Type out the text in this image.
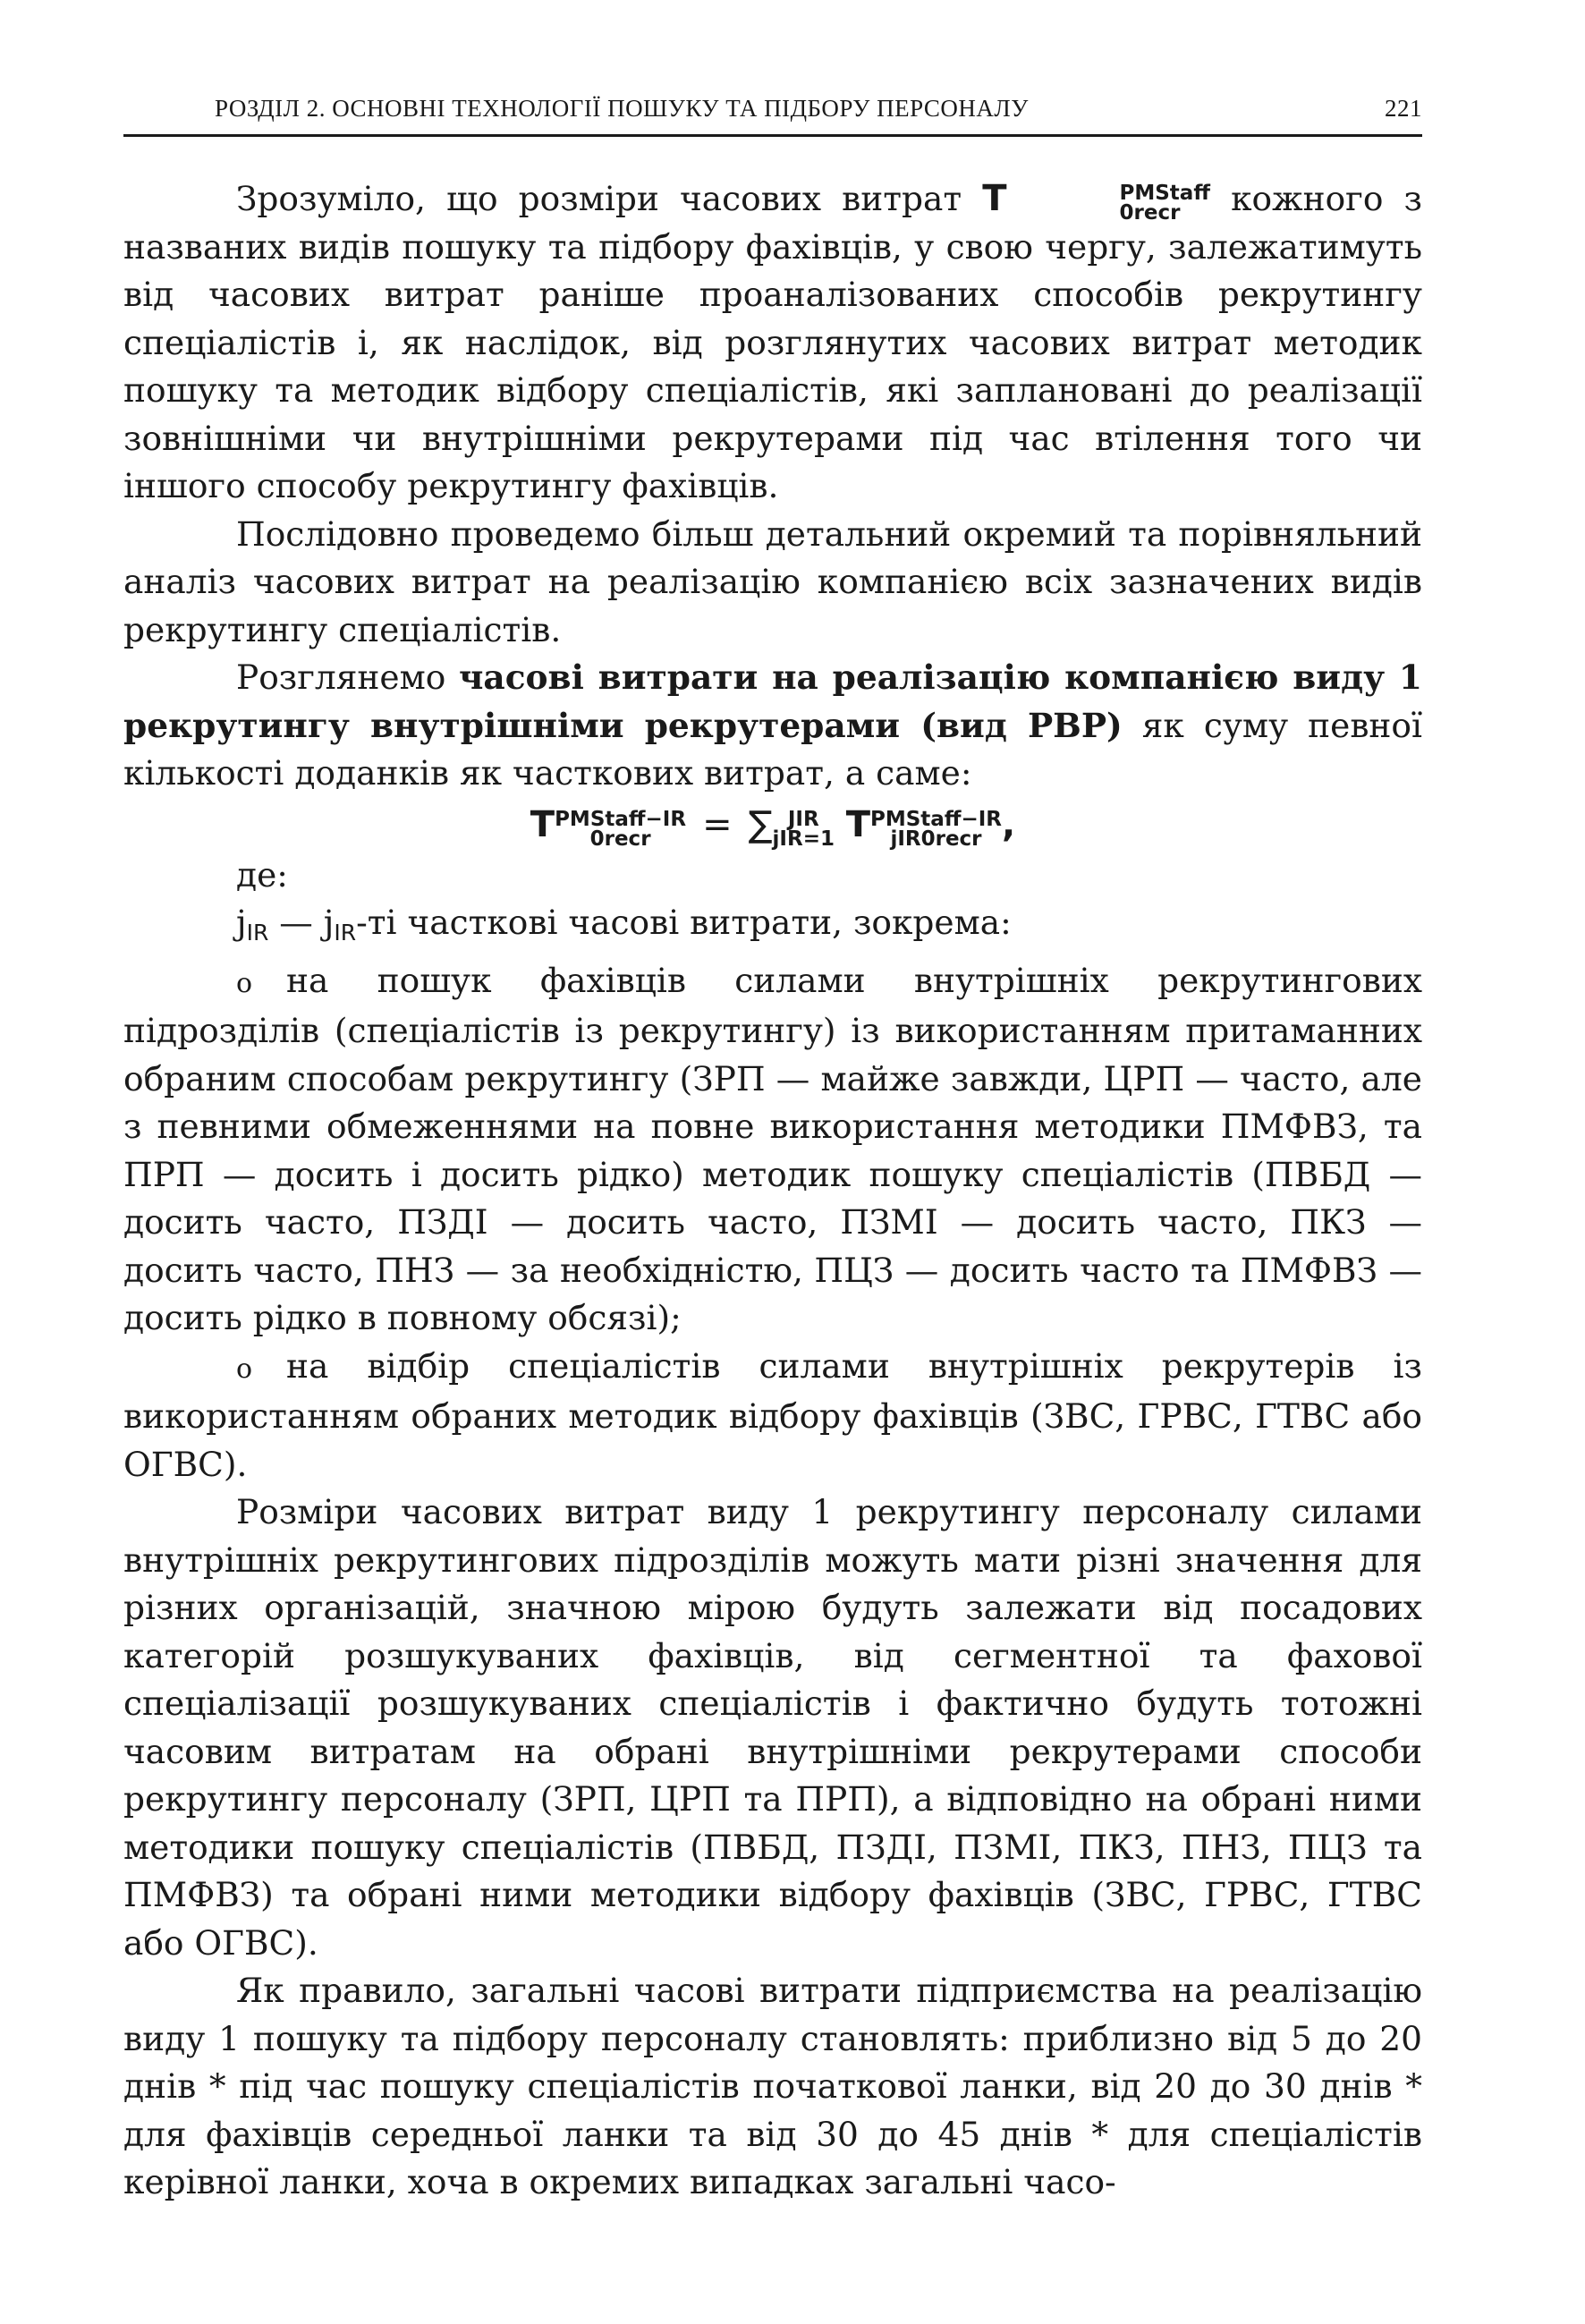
РОЗДІЛ 2. ОСНОВНІ ТЕХНОЛОГІЇ ПОШУКУ ТА ПІДБОРУ ПЕРСОНАЛУ	221

Зрозуміло, що розміри часових витрат T	PMStaff
0recr кожного з названих видів пошуку та підбору фахівців, у свою чергу, залежатимуть від часових витрат раніше проаналізованих способів рекрутингу спеціалістів і, як наслідок, від розглянутих часових витрат методик пошуку та методик відбору спеціалістів, які заплановані до реалізації зовнішніми чи внутрішніми рекрутерами під час втілення того чи іншого способу рекрутингу фахівців.

Послідовно проведемо більш детальний окремий та порівняльний аналіз часових витрат на реалізацію компанією всіх зазначених видів рекрутингу спеціалістів.

Розглянемо часові витрати на реалізацію компанією виду 1 рекрутингу внутрішніми рекрутерами (вид РВР) як суму певної кількості доданків як часткових витрат, а саме:

T PMStaff−IR
0recr	= ∑ JIR
jIR=1 T PMStaff−IR
jIR0recr ,

де:

jIR — jIR-ті часткові часові витрати, зокрема:

o на пошук фахівців силами внутрішніх рекрутингових підрозділів (спеціалістів із рекрутингу) із використанням притаманних обраним способам рекрутингу (ЗРП — майже завжди, ЦРП — часто, але з певними обмеженнями на повне використання методики ПМФВЗ, та ПРП — досить і досить рідко) методик пошуку спеціалістів (ПВБД — досить часто, ПЗДІ — досить часто, ПЗМІ — досить часто, ПКЗ — досить часто, ПНЗ — за необхідністю, ПЦЗ — досить часто та ПМФВЗ — досить рідко в повному обсязі);

o на відбір спеціалістів силами внутрішніх рекрутерів із використанням обраних методик відбору фахівців (ЗВС, ГРВС, ГТВС або ОГВС).

Розміри часових витрат виду 1 рекрутингу персоналу силами внутрішніх рекрутингових підрозділів можуть мати різні значення для різних організацій, значною мірою будуть залежати від посадових категорій розшукуваних фахівців, від сегментної та фахової спеціалізації розшукуваних спеціалістів і фактично будуть тотожні часовим витратам на обрані внутрішніми рекрутерами способи рекрутингу персоналу (ЗРП, ЦРП та ПРП), а відповідно на обрані ними методики пошуку спеціалістів (ПВБД, ПЗДІ, ПЗМІ, ПКЗ, ПНЗ, ПЦЗ та ПМФВЗ) та обрані ними методики відбору фахівців (ЗВС, ГРВС, ГТВС або ОГВС).

Як правило, загальні часові витрати підприємства на реалізацію виду 1 пошуку та підбору персоналу становлять: приблизно від 5 до 20 днів * під час пошуку спеціалістів початкової ланки, від 20 до 30 днів * для фахівців середньої ланки та від 30 до 45 днів * для спеціалістів керівної ланки, хоча в окремих випадках загальні часо-
